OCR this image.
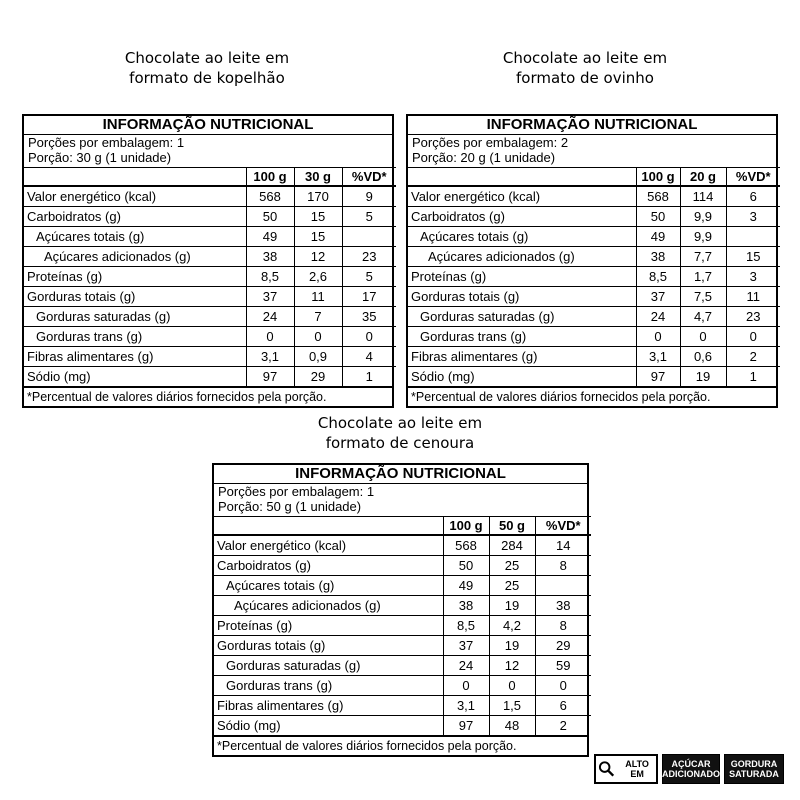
Chocolate ao leite em
formato de kopelhão
Chocolate ao leite em
formato de ovinho
Chocolate ao leite em
formato de cenoura
INFORMAÇÃO NUTRICIONAL
Porções por embalagem: 1
Porção: 30 g (1 unidade)
	100 g	30 g	%VD*
Valor energético (kcal)	568	170	9
Carboidratos (g)	50	15	5
Açúcares totais (g)	49	15	
Açúcares adicionados (g)	38	12	23
Proteínas (g)	8,5	2,6	5
Gorduras totais (g)	37	11	17
Gorduras saturadas (g)	24	7	35
Gorduras trans (g)	0	0	0
Fibras alimentares (g)	3,1	0,9	4
Sódio (mg)	97	29	1
*Percentual de valores diários fornecidos pela porção.
INFORMAÇÃO NUTRICIONAL
Porções por embalagem: 2
Porção: 20 g (1 unidade)
	100 g	20 g	%VD*
Valor energético (kcal)	568	114	6
Carboidratos (g)	50	9,9	3
Açúcares totais (g)	49	9,9	
Açúcares adicionados (g)	38	7,7	15
Proteínas (g)	8,5	1,7	3
Gorduras totais (g)	37	7,5	11
Gorduras saturadas (g)	24	4,7	23
Gorduras trans (g)	0	0	0
Fibras alimentares (g)	3,1	0,6	2
Sódio (mg)	97	19	1
*Percentual de valores diários fornecidos pela porção.
INFORMAÇÃO NUTRICIONAL
Porções por embalagem: 1
Porção: 50 g (1 unidade)
	100 g	50 g	%VD*
Valor energético (kcal)	568	284	14
Carboidratos (g)	50	25	8
Açúcares totais (g)	49	25	
Açúcares adicionados (g)	38	19	38
Proteínas (g)	8,5	4,2	8
Gorduras totais (g)	37	19	29
Gorduras saturadas (g)	24	12	59
Gorduras trans (g)	0	0	0
Fibras alimentares (g)	3,1	1,5	6
Sódio (mg)	97	48	2
*Percentual de valores diários fornecidos pela porção.
ALTO EM
AÇÚCAR
ADICIONADO
GORDURA
SATURADA
